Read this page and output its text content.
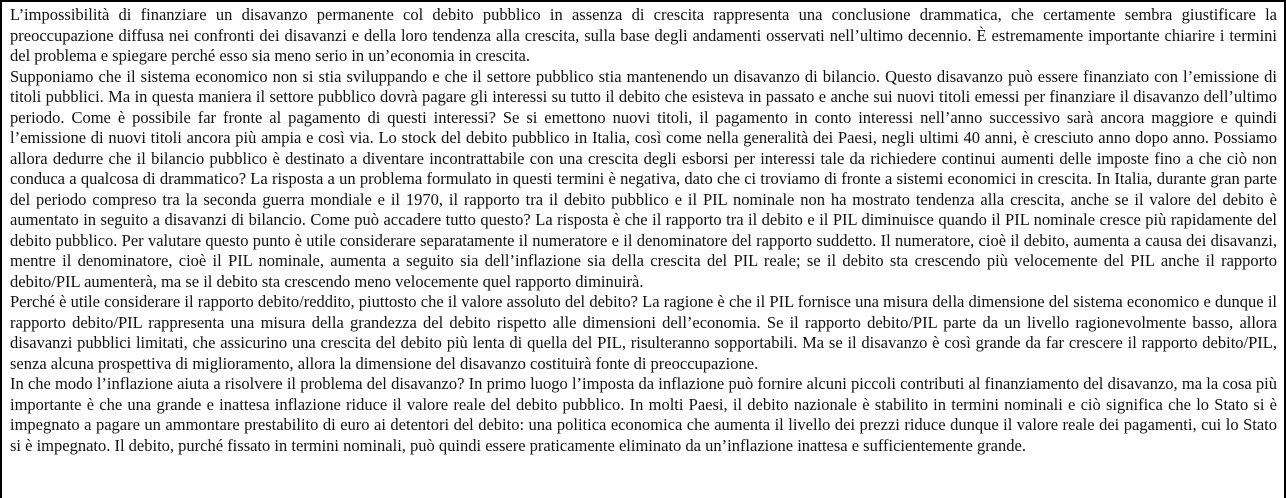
L’impossibilità di finanziare un disavanzo permanente col debito pubblico in assenza di crescita rappresenta una conclusione drammatica, che certamente sembra giustificare la preoccupazione diffusa nei confronti dei disavanzi e della loro tendenza alla crescita, sulla base degli andamenti osservati nell’ultimo decennio. È estremamente importante chiarire i termini del problema e spiegare perché esso sia meno serio in un’economia in crescita.

Supponiamo che il sistema economico non si stia sviluppando e che il settore pubblico stia mantenendo un disavanzo di bilancio. Questo disavanzo può essere finanziato con l’emissione di titoli pubblici. Ma in questa maniera il settore pubblico dovrà pagare gli interessi su tutto il debito che esisteva in passato e anche sui nuovi titoli emessi per finanziare il disavanzo dell’ultimo periodo. Come è possibile far fronte al pagamento di questi interessi? Se si emettono nuovi titoli, il pagamento in conto interessi nell’anno successivo sarà ancora maggiore e quindi l’emissione di nuovi titoli ancora più ampia e così via. Lo stock del debito pubblico in Italia, così come nella generalità dei Paesi, negli ultimi 40 anni, è cresciuto anno dopo anno. Possiamo allora dedurre che il bilancio pubblico è destinato a diventare incontrattabile con una crescita degli esborsi per interessi tale da richiedere continui aumenti delle imposte fino a che ciò non conduca a qualcosa di drammatico? La risposta a un problema formulato in questi termini è negativa, dato che ci troviamo di fronte a sistemi economici in crescita. In Italia, durante gran parte del periodo compreso tra la seconda guerra mondiale e il 1970, il rapporto tra il debito pubblico e il PIL nominale non ha mostrato tendenza alla crescita, anche se il valore del debito è aumentato in seguito a disavanzi di bilancio. Come può accadere tutto questo? La risposta è che il rapporto tra il debito e il PIL diminuisce quando il PIL nominale cresce più rapidamente del debito pubblico. Per valutare questo punto è utile considerare separatamente il numeratore e il denominatore del rapporto suddetto. Il numeratore, cioè il debito, aumenta a causa dei disavanzi, mentre il denominatore, cioè il PIL nominale, aumenta a seguito sia dell’inflazione sia della crescita del PIL reale; se il debito sta crescendo più velocemente del PIL anche il rapporto debito/PIL aumenterà, ma se il debito sta crescendo meno velocemente quel rapporto diminuirà.

Perché è utile considerare il rapporto debito/reddito, piuttosto che il valore assoluto del debito? La ragione è che il PIL fornisce una misura della dimensione del sistema economico e dunque il rapporto debito/PIL rappresenta una misura della grandezza del debito rispetto alle dimensioni dell’economia. Se il rapporto debito/PIL parte da un livello ragionevolmente basso, allora disavanzi pubblici limitati, che assicurino una crescita del debito più lenta di quella del PIL, risulteranno sopportabili. Ma se il disavanzo è così grande da far crescere il rapporto debito/PIL, senza alcuna prospettiva di miglioramento, allora la dimensione del disavanzo costituirà fonte di preoccupazione.

In che modo l’inflazione aiuta a risolvere il problema del disavanzo? In primo luogo l’imposta da inflazione può fornire alcuni piccoli contributi al finanziamento del disavanzo, ma la cosa più importante è che una grande e inattesa inflazione riduce il valore reale del debito pubblico. In molti Paesi, il debito nazionale è stabilito in termini nominali e ciò significa che lo Stato si è impegnato a pagare un ammontare prestabilito di euro ai detentori del debito: una politica economica che aumenta il livello dei prezzi riduce dunque il valore reale dei pagamenti, cui lo Stato si è impegnato. Il debito, purché fissato in termini nominali, può quindi essere praticamente eliminato da un’inflazione inattesa e sufficientemente grande.
